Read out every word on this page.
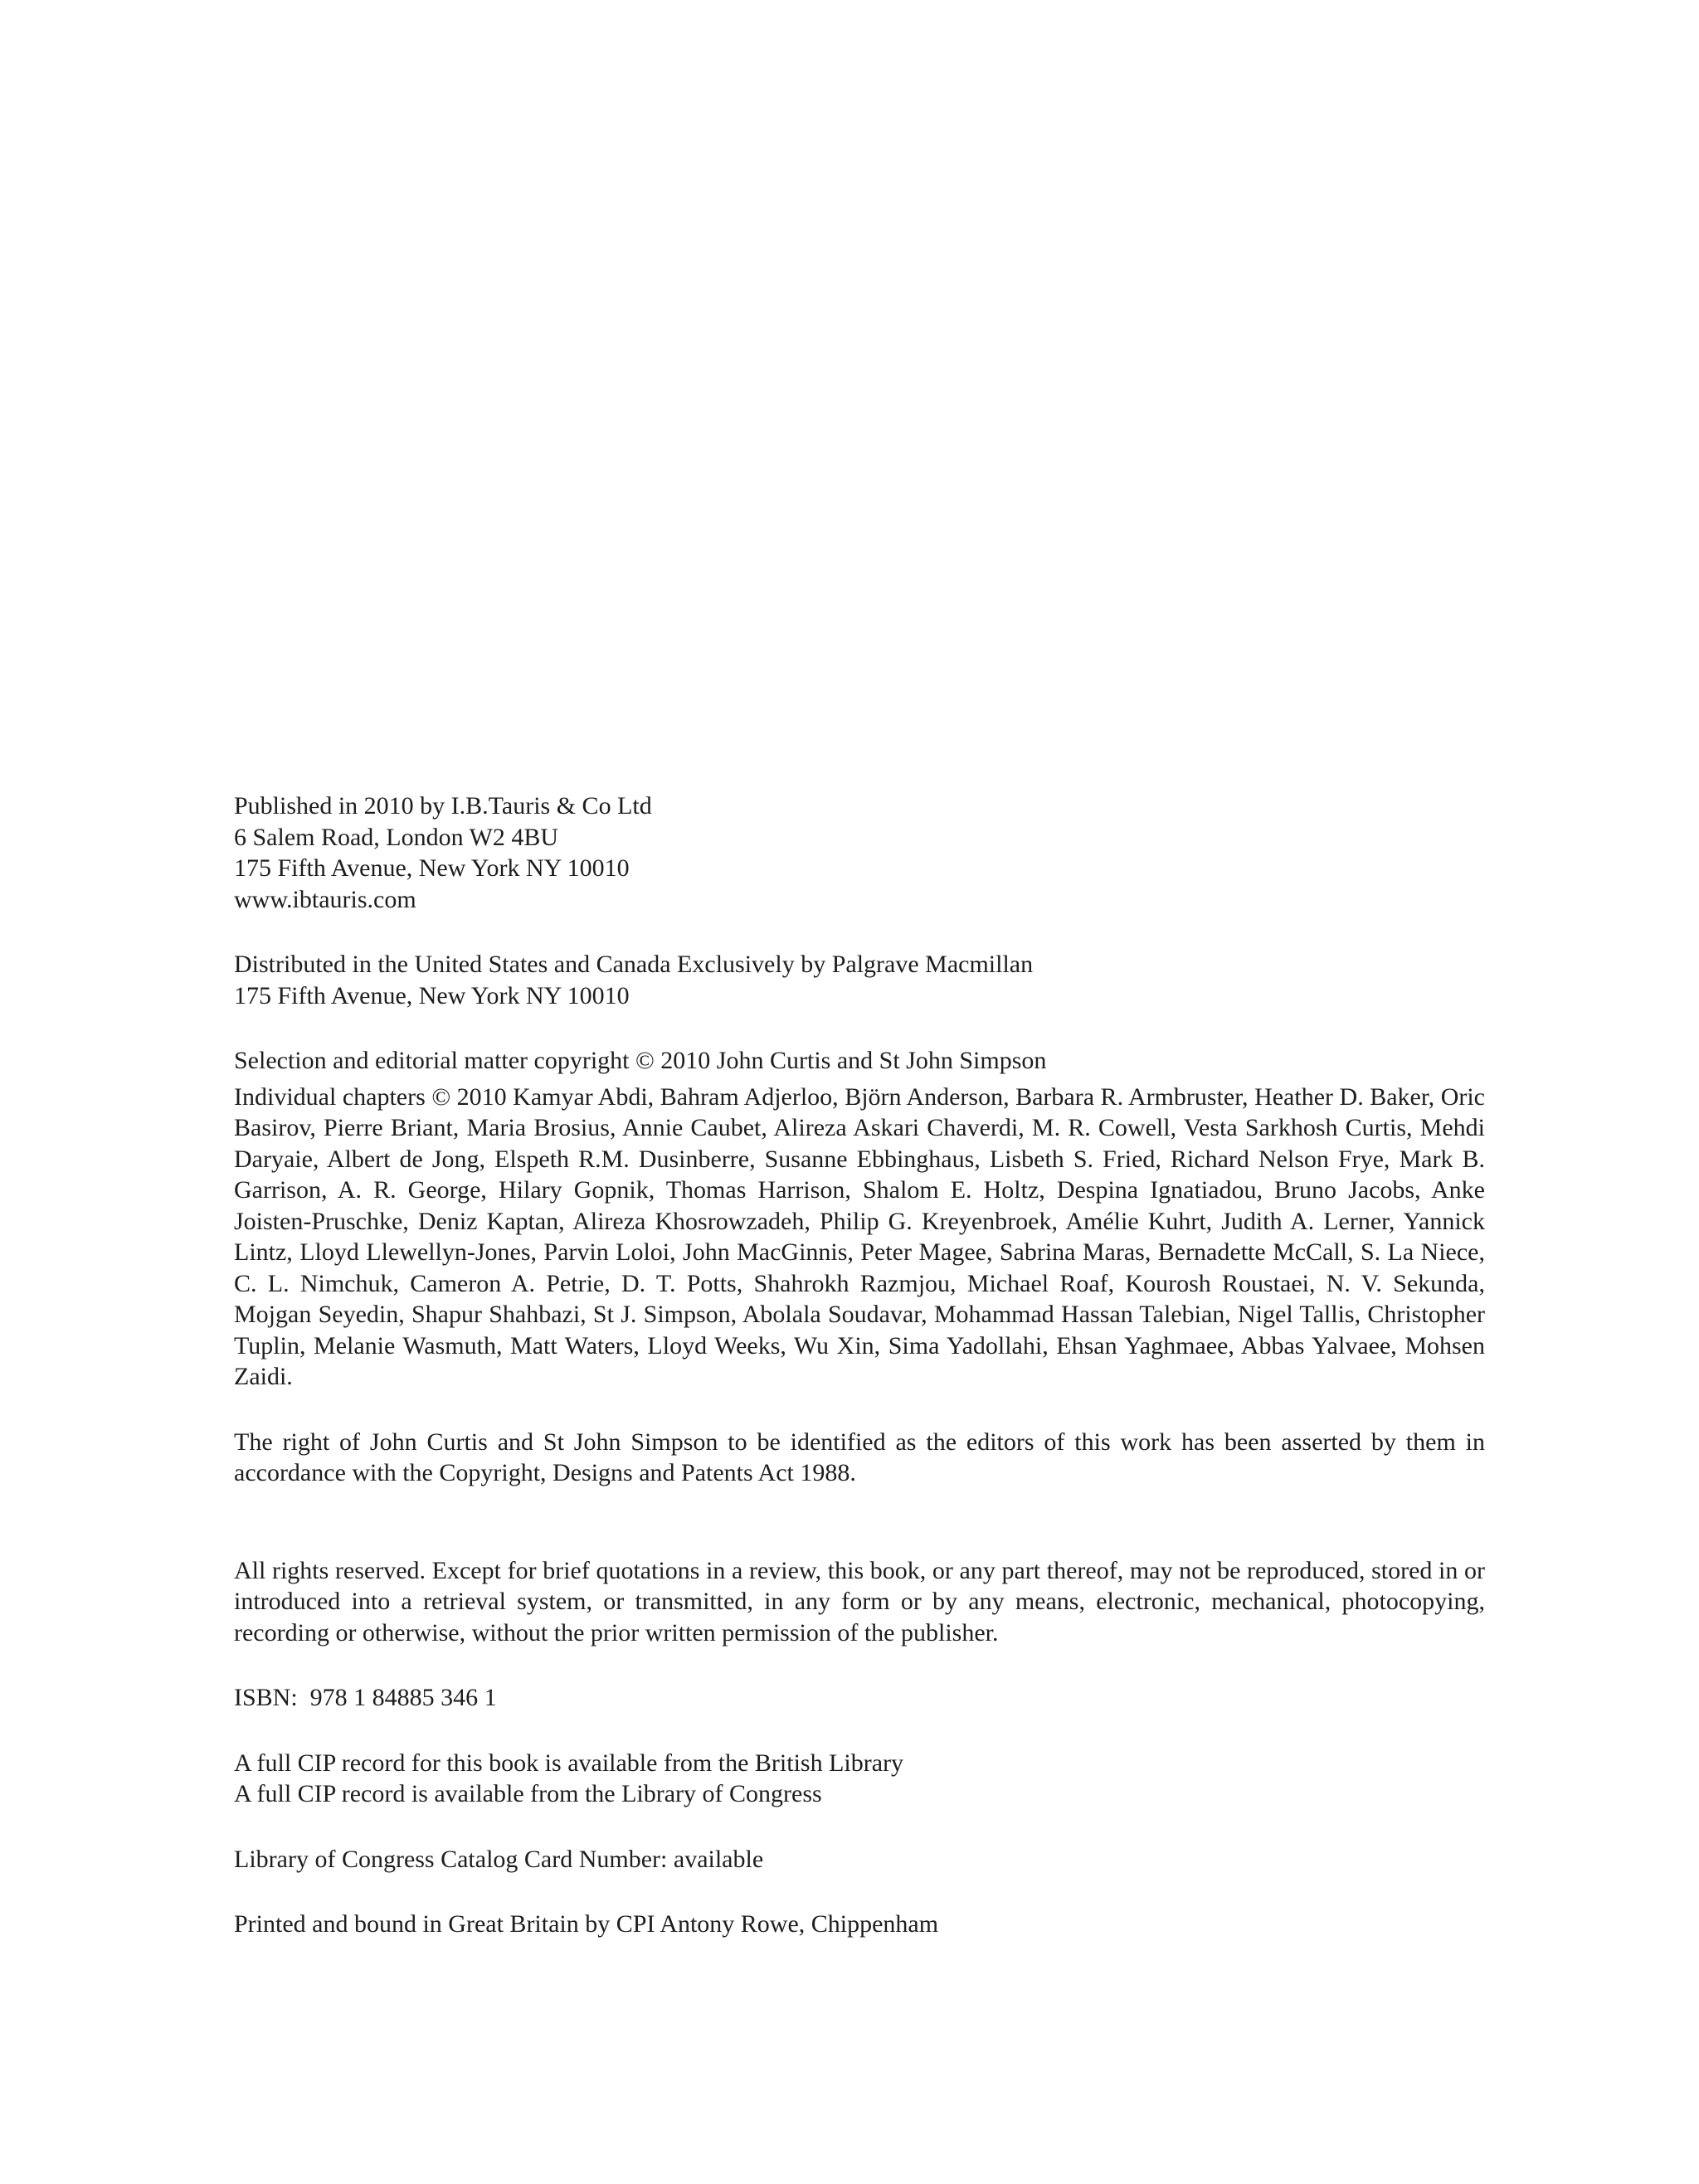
Published in 2010 by I.B.Tauris & Co Ltd
6 Salem Road, London W2 4BU
175 Fifth Avenue, New York NY 10010
www.ibtauris.com
Distributed in the United States and Canada Exclusively by Palgrave Macmillan
175 Fifth Avenue, New York NY 10010
Selection and editorial matter copyright © 2010 John Curtis and St John Simpson
Individual chapters © 2010 Kamyar Abdi, Bahram Adjerloo, Björn Anderson, Barbara R. Armbruster, Heather D. Baker, Oric Basirov, Pierre Briant, Maria Brosius, Annie Caubet, Alireza Askari Chaverdi, M. R. Cowell, Vesta Sarkhosh Curtis, Mehdi Daryaie, Albert de Jong, Elspeth R.M. Dusinberre, Susanne Ebbinghaus, Lisbeth S. Fried, Richard Nelson Frye, Mark B. Garrison, A. R. George, Hilary Gopnik, Thomas Harrison, Shalom E. Holtz, Despina Ignatiadou, Bruno Jacobs, Anke Joisten-Pruschke, Deniz Kaptan, Alireza Khosrowzadeh, Philip G. Kreyenbroek, Amélie Kuhrt, Judith A. Lerner, Yannick Lintz, Lloyd Llewellyn-Jones, Parvin Loloi, John MacGinnis, Peter Magee, Sabrina Maras, Bernadette McCall, S. La Niece, C. L. Nimchuk, Cameron A. Petrie, D. T. Potts, Shahrokh Razmjou, Michael Roaf, Kourosh Roustaei, N. V. Sekunda, Mojgan Seyedin, Shapur Shahbazi, St J. Simpson, Abolala Soudavar, Mohammad Hassan Talebian, Nigel Tallis, Christopher Tuplin, Melanie Wasmuth, Matt Waters, Lloyd Weeks, Wu Xin, Sima Yadollahi, Ehsan Yaghmaee, Abbas Yalvaee, Mohsen Zaidi.
The right of John Curtis and St John Simpson to be identified as the editors of this work has been asserted by them in accordance with the Copyright, Designs and Patents Act 1988.
All rights reserved. Except for brief quotations in a review, this book, or any part thereof, may not be reproduced, stored in or introduced into a retrieval system, or transmitted, in any form or by any means, electronic, mechanical, photocopying, recording or otherwise, without the prior written permission of the publisher.
ISBN:  978 1 84885 346 1
A full CIP record for this book is available from the British Library
A full CIP record is available from the Library of Congress
Library of Congress Catalog Card Number: available
Printed and bound in Great Britain by CPI Antony Rowe, Chippenham
